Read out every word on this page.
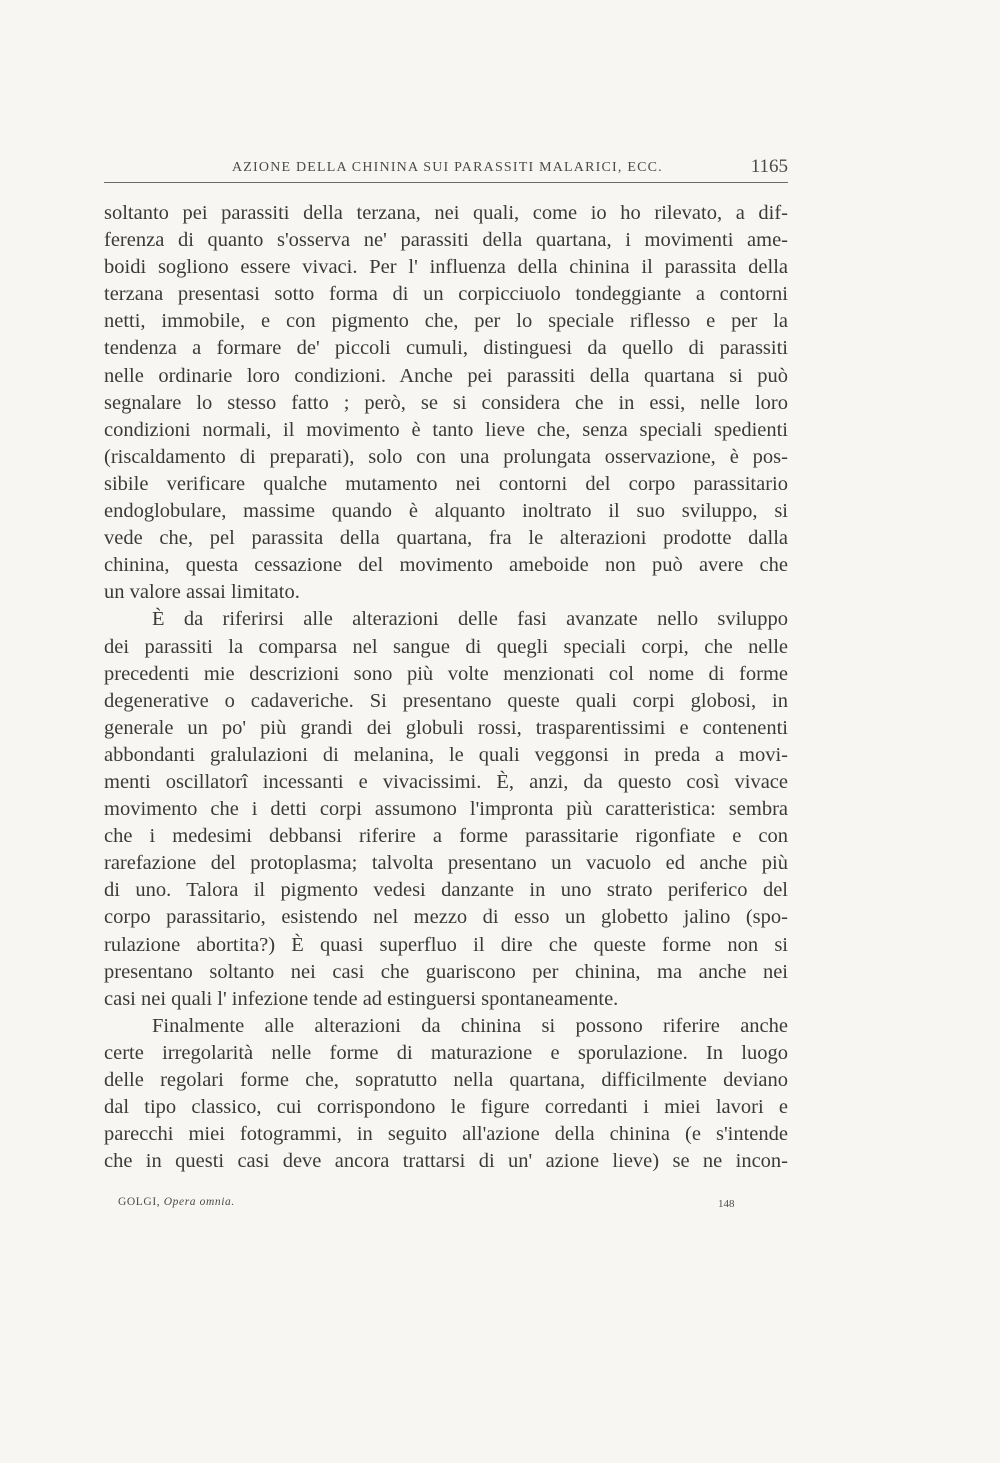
AZIONE DELLA CHININA SUI PARASSITI MALARICI, ECC.	1165
soltanto pei parassiti della terzana, nei quali, come io ho rilevato, a dif-
ferenza di quanto s'osserva ne' parassiti della quartana, i movimenti ame-
boidi sogliono essere vivaci. Per l' influenza della chinina il parassita della
terzana presentasi sotto forma di un corpicciuolo tondeggiante a contorni
netti, immobile, e con pigmento che, per lo speciale riflesso e per la
tendenza a formare de' piccoli cumuli, distinguesi da quello di parassiti
nelle ordinarie loro condizioni. Anche pei parassiti della quartana si può
segnalare lo stesso fatto ; però, se si considera che in essi, nelle loro
condizioni normali, il movimento è tanto lieve che, senza speciali spedienti
(riscaldamento di preparati), solo con una prolungata osservazione, è pos-
sibile verificare qualche mutamento nei contorni del corpo parassitario
endoglobulare, massime quando è alquanto inoltrato il suo sviluppo, si
vede che, pel parassita della quartana, fra le alterazioni prodotte dalla
chinina, questa cessazione del movimento ameboide non può avere che
un valore assai limitato.
È da riferirsi alle alterazioni delle fasi avanzate nello sviluppo
dei parassiti la comparsa nel sangue di quegli speciali corpi, che nelle
precedenti mie descrizioni sono più volte menzionati col nome di forme
degenerative o cadaveriche. Si presentano queste quali corpi globosi, in
generale un po' più grandi dei globuli rossi, trasparentissimi e contenenti
abbondanti gralulazioni di melanina, le quali veggonsi in preda a movi-
menti oscillatorî incessanti e vivacissimi. È, anzi, da questo così vivace
movimento che i detti corpi assumono l'impronta più caratteristica: sembra
che i medesimi debbansi riferire a forme parassitarie rigonfiate e con
rarefazione del protoplasma; talvolta presentano un vacuolo ed anche più
di uno. Talora il pigmento vedesi danzante in uno strato periferico del
corpo parassitario, esistendo nel mezzo di esso un globetto jalino (spo-
rulazione abortita?) È quasi superfluo il dire che queste forme non si
presentano soltanto nei casi che guariscono per chinina, ma anche nei
casi nei quali l' infezione tende ad estinguersi spontaneamente.
Finalmente alle alterazioni da chinina si possono riferire anche
certe irregolarità nelle forme di maturazione e sporulazione. In luogo
delle regolari forme che, sopratutto nella quartana, difficilmente deviano
dal tipo classico, cui corrispondono le figure corredanti i miei lavori e
parecchi miei fotogrammi, in seguito all'azione della chinina (e s'intende
che in questi casi deve ancora trattarsi di un' azione lieve) se ne incon-
GOLGI, Opera omnia.	148
